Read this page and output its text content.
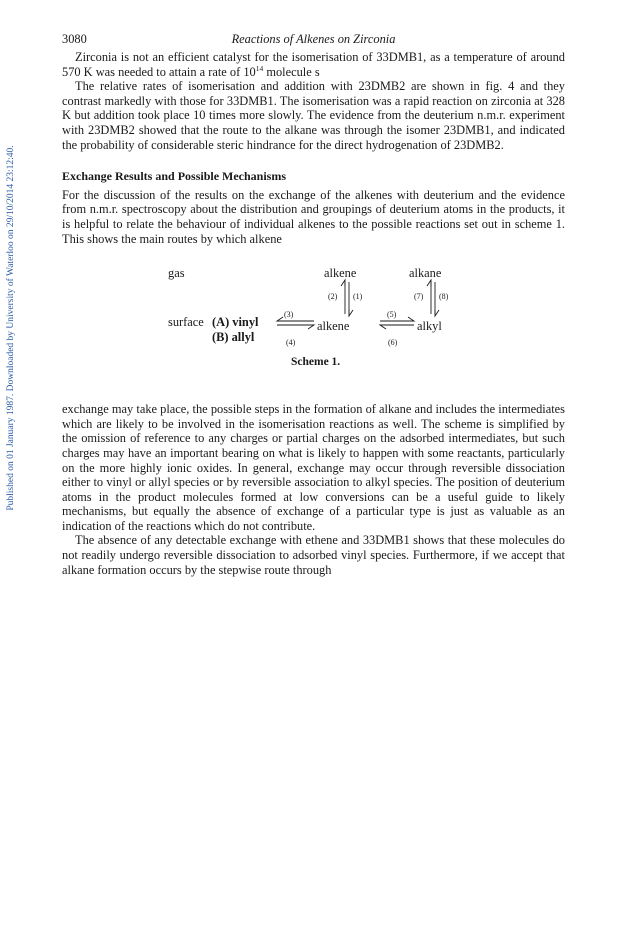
Published on 01 January 1987. Downloaded by University of Waterloo on 29/10/2014 23:12:40.
3080	Reactions of Alkenes on Zirconia

Zirconia is not an efficient catalyst for the isomerisation of 33DMB1, as a temperature of around 570 K was needed to attain a rate of $10^{14}$ molecule s

The relative rates of isomerisation and addition with 23DMB2 are shown in fig. 4 and they contrast markedly with those for 33DMB1. The isomerisation was a rapid reaction on zirconia at 328 K but addition took place 10 times more slowly. The evidence from the deuterium n.m.r. experiment with 23DMB2 showed that the route to the alkane was through the isomer 23DMB1, and indicated the probability of considerable steric hindrance for the direct hydrogenation of 23DMB2.

Exchange Results and Possible Mechanisms

For the discussion of the results on the exchange of the alkenes with deuterium and the evidence from n.m.r. spectroscopy about the distribution and groupings of deuterium atoms in the products, it is helpful to relate the behaviour of individual alkenes to the possible reactions set out in scheme 1. This shows the main routes by which alkene

gas
surface
alkene	alkane
(2) (1)	(7) (8)
(A) vinyl
(B) allyl
(3)
(4)
alkene
(5)
(6)
alkyl
Scheme 1.

exchange may take place, the possible steps in the formation of alkane and includes the intermediates which are likely to be involved in the isomerisation reactions as well. The scheme is simplified by the omission of reference to any charges or partial charges on the adsorbed intermediates, but such charges may have an important bearing on what is likely to happen with some reactants, particularly on the more highly ionic oxides. In general, exchange may occur through reversible dissociation either to vinyl or allyl species or by reversible association to alkyl species. The position of deuterium atoms in the product molecules formed at low conversions can be a useful guide to likely mechanisms, but equally the absence of exchange of a particular type is just as valuable as an indication of the reactions which do not contribute.

The absence of any detectable exchange with ethene and 33DMB1 shows that these molecules do not readily undergo reversible dissociation to adsorbed vinyl species. Furthermore, if we accept that alkane formation occurs by the stepwise route through
